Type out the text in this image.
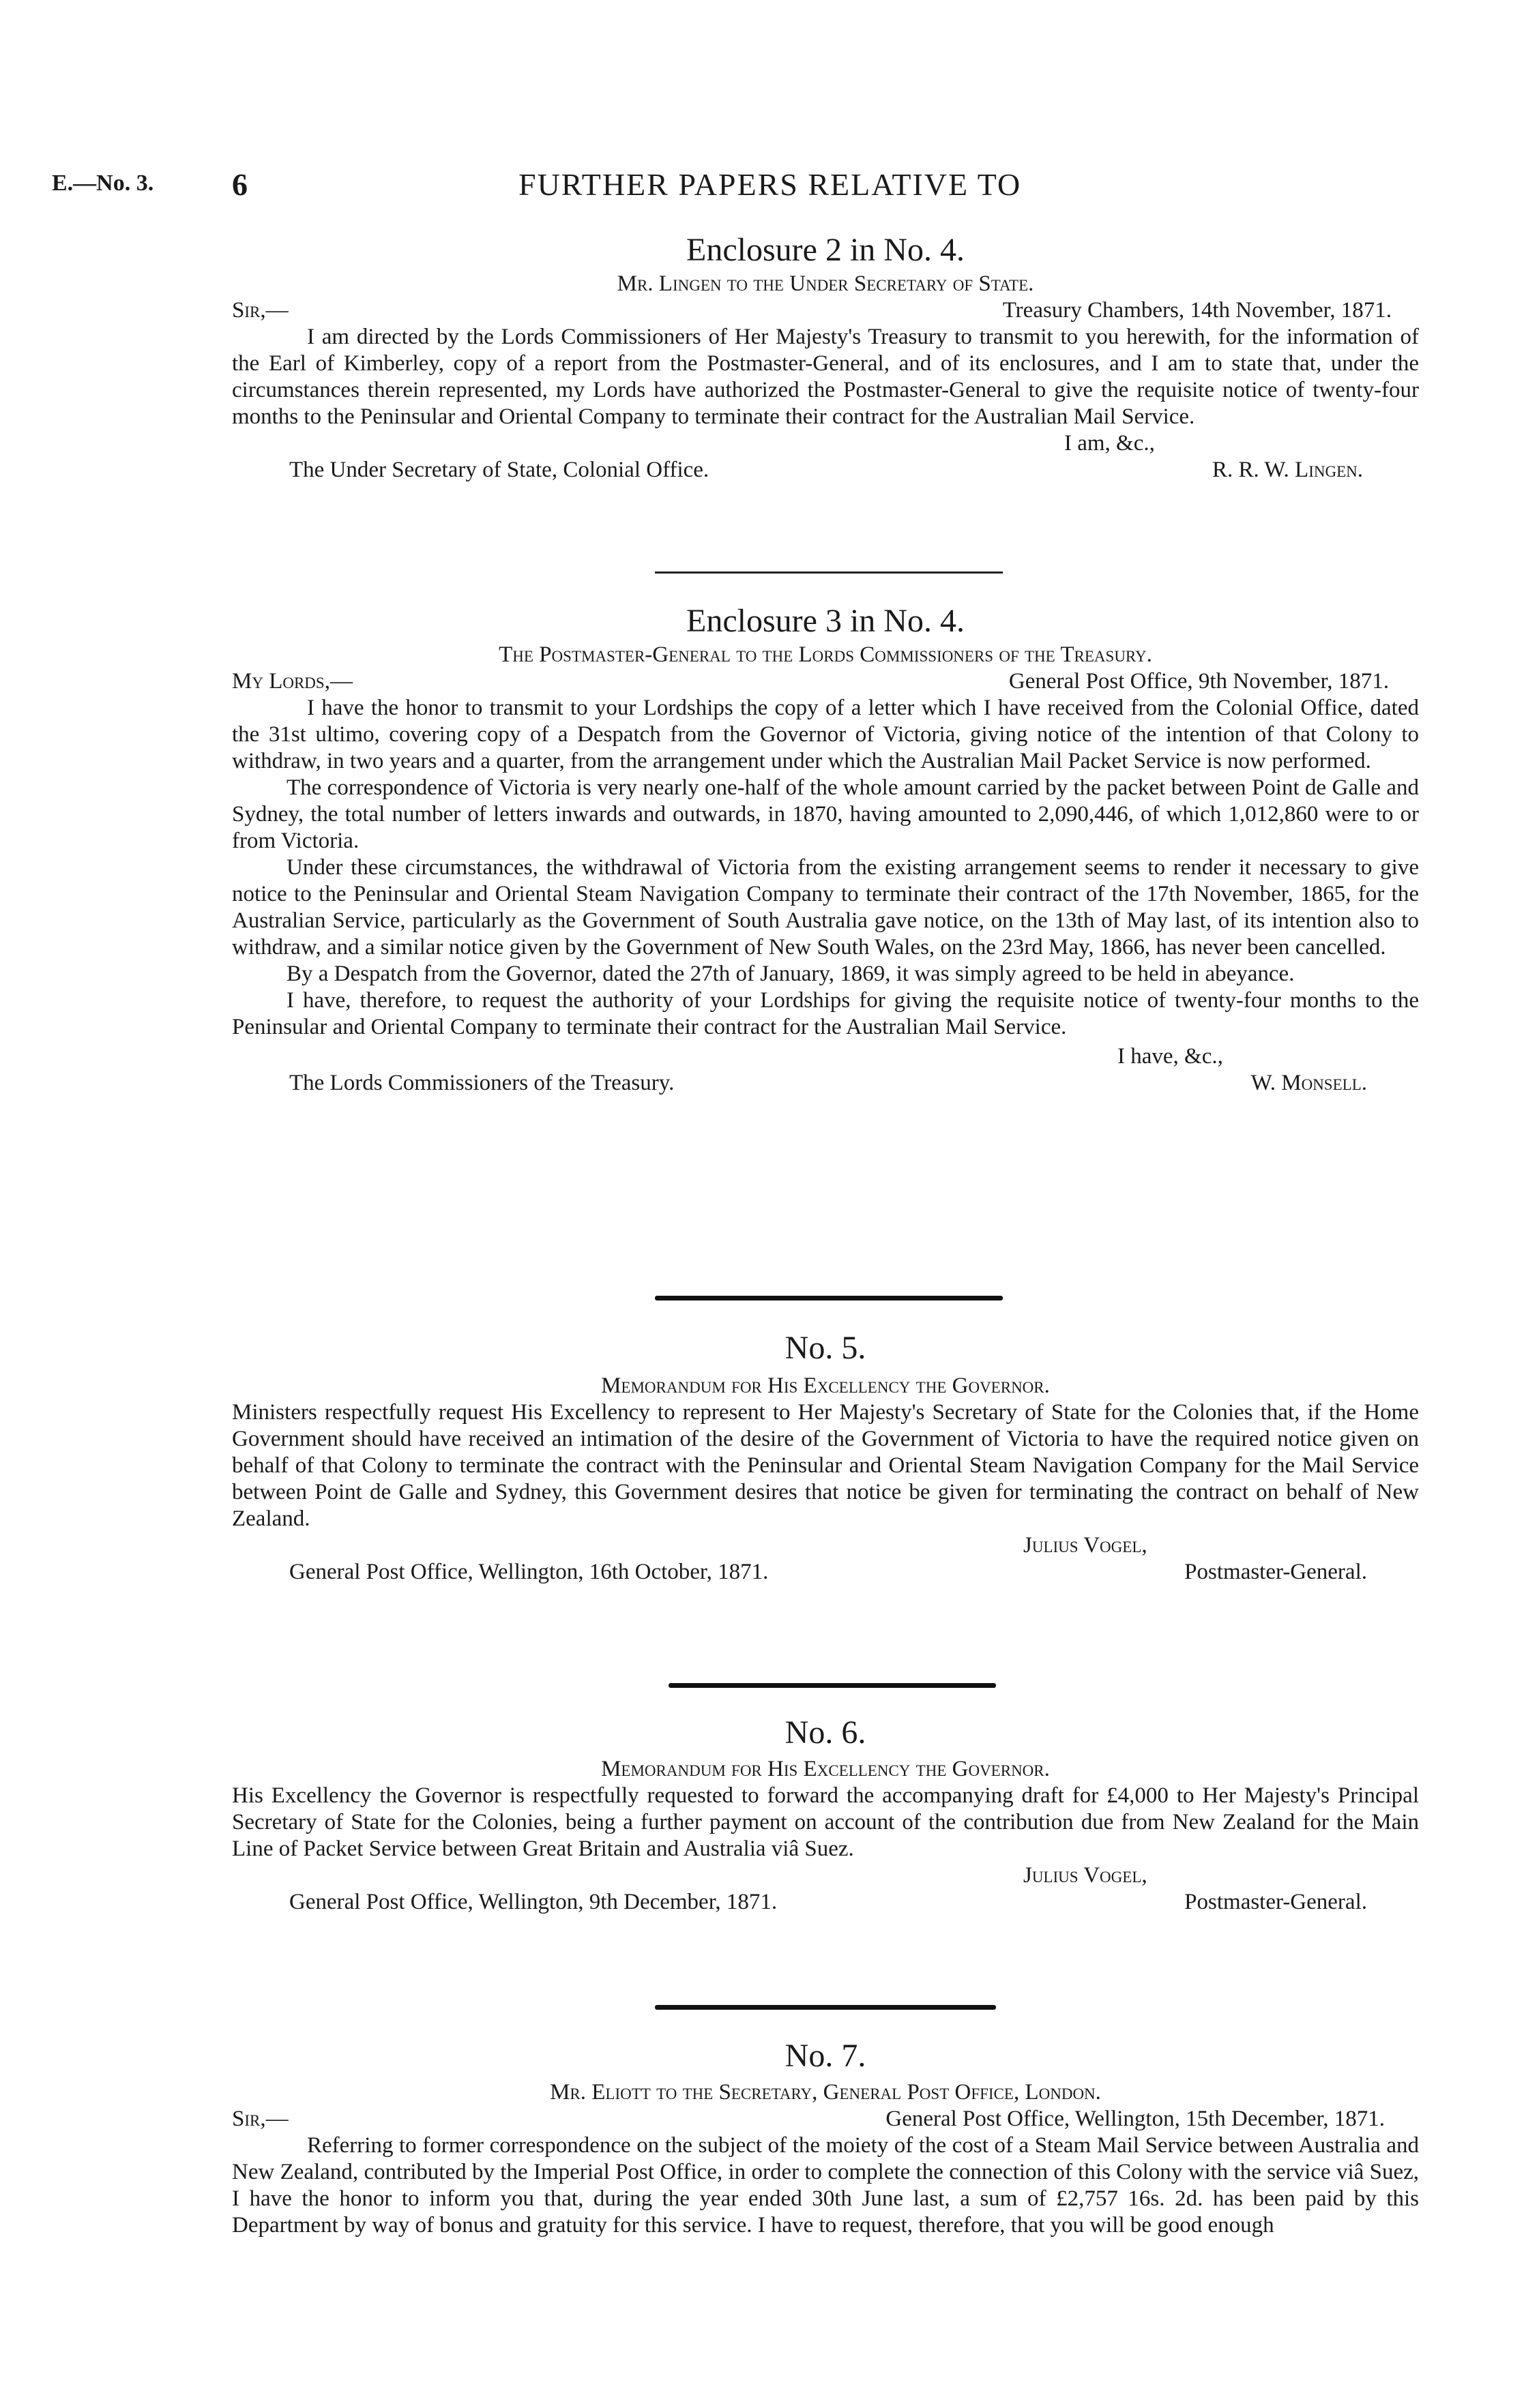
E.—No. 3. 6	FURTHER PAPERS RELATIVE TO
Enclosure 2 in No. 4.
Mr. Lingen to the Under Secretary of State.
Sir,—	Treasury Chambers, 14th November, 1871.

I am directed by the Lords Commissioners of Her Majesty's Treasury to transmit to you herewith, for the information of the Earl of Kimberley, copy of a report from the Postmaster-General, and of its enclosures, and I am to state that, under the circumstances therein represented, my Lords have authorized the Postmaster-General to give the requisite notice of twenty-four months to the Peninsular and Oriental Company to terminate their contract for the Australian Mail Service.

I am, &c.,
The Under Secretary of State, Colonial Office.	R. R. W. Lingen.
Enclosure 3 in No. 4.
The Postmaster-General to the Lords Commissioners of the Treasury.
My Lords,—	General Post Office, 9th November, 1871.

I have the honor to transmit to your Lordships the copy of a letter which I have received from the Colonial Office, dated the 31st ultimo, covering copy of a Despatch from the Governor of Victoria, giving notice of the intention of that Colony to withdraw, in two years and a quarter, from the arrangement under which the Australian Mail Packet Service is now performed.

The correspondence of Victoria is very nearly one-half of the whole amount carried by the packet between Point de Galle and Sydney, the total number of letters inwards and outwards, in 1870, having amounted to 2,090,446, of which 1,012,860 were to or from Victoria.

Under these circumstances, the withdrawal of Victoria from the existing arrangement seems to render it necessary to give notice to the Peninsular and Oriental Steam Navigation Company to terminate their contract of the 17th November, 1865, for the Australian Service, particularly as the Government of South Australia gave notice, on the 13th of May last, of its intention also to withdraw, and a similar notice given by the Government of New South Wales, on the 23rd May, 1866, has never been cancelled.

By a Despatch from the Governor, dated the 27th of January, 1869, it was simply agreed to be held in abeyance.

I have, therefore, to request the authority of your Lordships for giving the requisite notice of twenty-four months to the Peninsular and Oriental Company to terminate their contract for the Australian Mail Service.

I have, &c.,
The Lords Commissioners of the Treasury.	W. Monsell.
No. 5.
Memorandum for His Excellency the Governor.

Ministers respectfully request His Excellency to represent to Her Majesty's Secretary of State for the Colonies that, if the Home Government should have received an intimation of the desire of the Government of Victoria to have the required notice given on behalf of that Colony to terminate the contract with the Peninsular and Oriental Steam Navigation Company for the Mail Service between Point de Galle and Sydney, this Government desires that notice be given for terminating the contract on behalf of New Zealand.

Julius Vogel,
General Post Office, Wellington, 16th October, 1871.	Postmaster-General.
No. 6.
Memorandum for His Excellency the Governor.

His Excellency the Governor is respectfully requested to forward the accompanying draft for £4,000 to Her Majesty's Principal Secretary of State for the Colonies, being a further payment on account of the contribution due from New Zealand for the Main Line of Packet Service between Great Britain and Australia viâ Suez.

Julius Vogel,
General Post Office, Wellington, 9th December, 1871.	Postmaster-General.
No. 7.
Mr. Eliott to the Secretary, General Post Office, London.
Sir,—	General Post Office, Wellington, 15th December, 1871.

Referring to former correspondence on the subject of the moiety of the cost of a Steam Mail Service between Australia and New Zealand, contributed by the Imperial Post Office, in order to complete the connection of this Colony with the service viâ Suez, I have the honor to inform you that, during the year ended 30th June last, a sum of £2,757 16s. 2d. has been paid by this Department by way of bonus and gratuity for this service. I have to request, therefore, that you will be good enough
